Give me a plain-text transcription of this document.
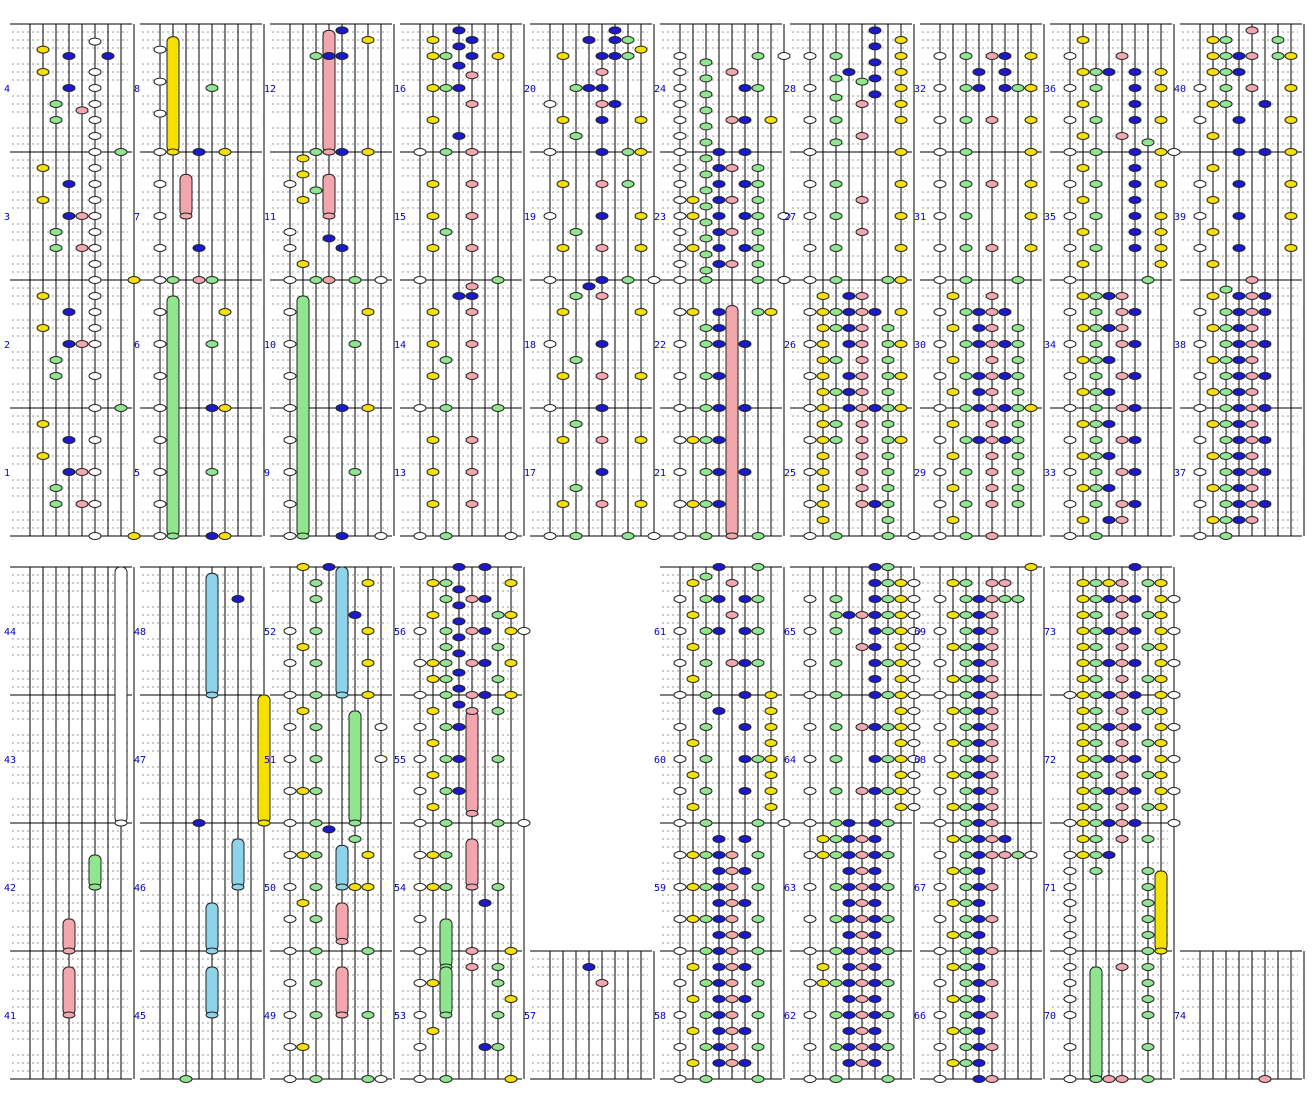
4
3
2
1
8
7
6
5
12
11
10
9
16
15
14
13
20
19
18
17
24
23
22
21
28
27
26
25
32
31
30
29
36
35
34
33
40
39
38
37
44
43
42
41
48
47
46
45
52
51
50
49
56
55
54
53	57
61
60
59
58
65
64
63
62
69
68
67
66
73
72
71
70	74
